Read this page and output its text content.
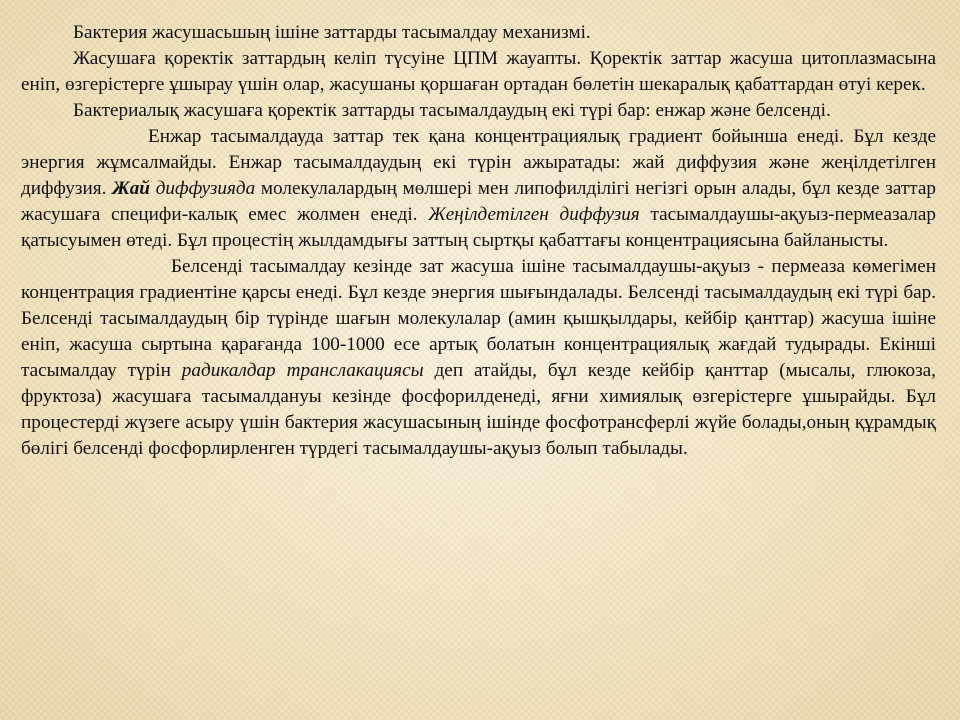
Бактерия жасушасьшың ішіне заттарды тасымалдау механизмі.

Жасушаға қоректік заттардың келіп түсуіне ЦПМ жауапты. Қоректік заттар жасуша цитоплазмасына еніп, өзгерістерге ұшырау үшін олар, жасушаны қоршаған ортадан бөлетін шекаралық қабаттардан өтуі керек.

Бактериалық жасушаға қоректік заттарды тасымалдаудың екі түрі бар: енжар және белсенді.

Енжар тасымалдауда заттар тек қана концентрациялық градиент бойынша енеді. Бұл кезде энергия жұмсалмайды. Енжар тасымалдаудың екі түрін ажыратады: жай диффузия және жеңілдетілген диффузия. Жай диффузияда молекулалардың мөлшері мен липофилділігі негізгі орын алады, бұл кезде заттар жасушаға специфи-калық емес жолмен енеді. Жеңілдетілген диффузия тасымалдаушы-ақуыз-пермеазалар қатысуымен өтеді. Бұл процестің жылдамдығы заттың сыртқы қабаттағы концентрациясына байланысты.

Белсенді тасымалдау кезінде зат жасуша ішіне тасымалдаушы-ақуыз - пермеаза көмегімен концентрация градиентіне қарсы енеді. Бұл кезде энергия шығындалады. Белсенді тасымалдаудың екі түрі бар. Белсенді тасымалдаудың бір түрінде шағын молекулалар (амин қышқылдары, кейбір қанттар) жасуша ішіне еніп, жасуша сыртына қарағанда 100-1000 есе артық болатын концентрациялық жағдай тудырады. Екінші тасымалдау түрін радикалдар транслакациясы деп атайды, бұл кезде кейбір қанттар (мысалы, глюкоза, фруктоза) жасушаға тасымалдануы кезінде фосфорилденеді, яғни химиялық өзгерістерге ұшырайды. Бұл процестерді жүзеге асыру үшін бактерия жасушасының ішінде фосфотрансферлі жүйе болады,оның құрамдық бөлігі белсенді фосфорлирленген түрдегі тасымалдаушы-ақуыз болып табылады.
